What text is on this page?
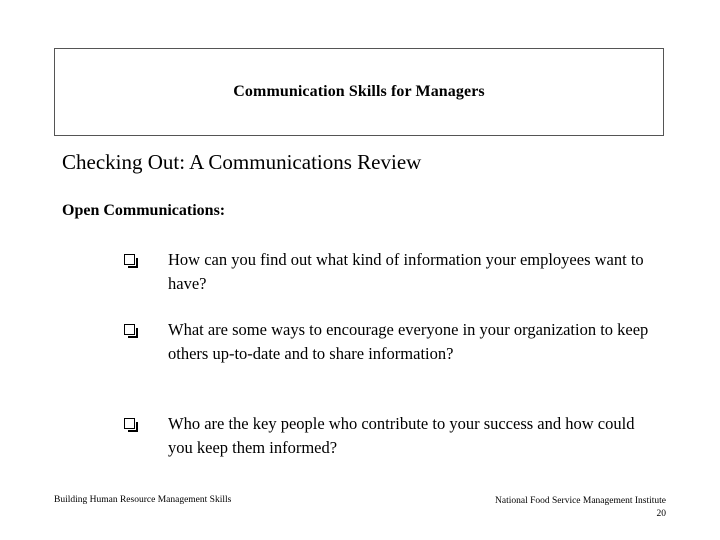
Communication Skills for Managers
Checking Out: A Communications Review
Open Communications:
How can you find out what kind of information your employees want to have?
What are some ways to encourage everyone in your organization to keep others up-to-date and to share information?
Who are the key people who contribute to your success and how could you keep them informed?
Building Human Resource Management Skills	National Food Service Management Institute
20
